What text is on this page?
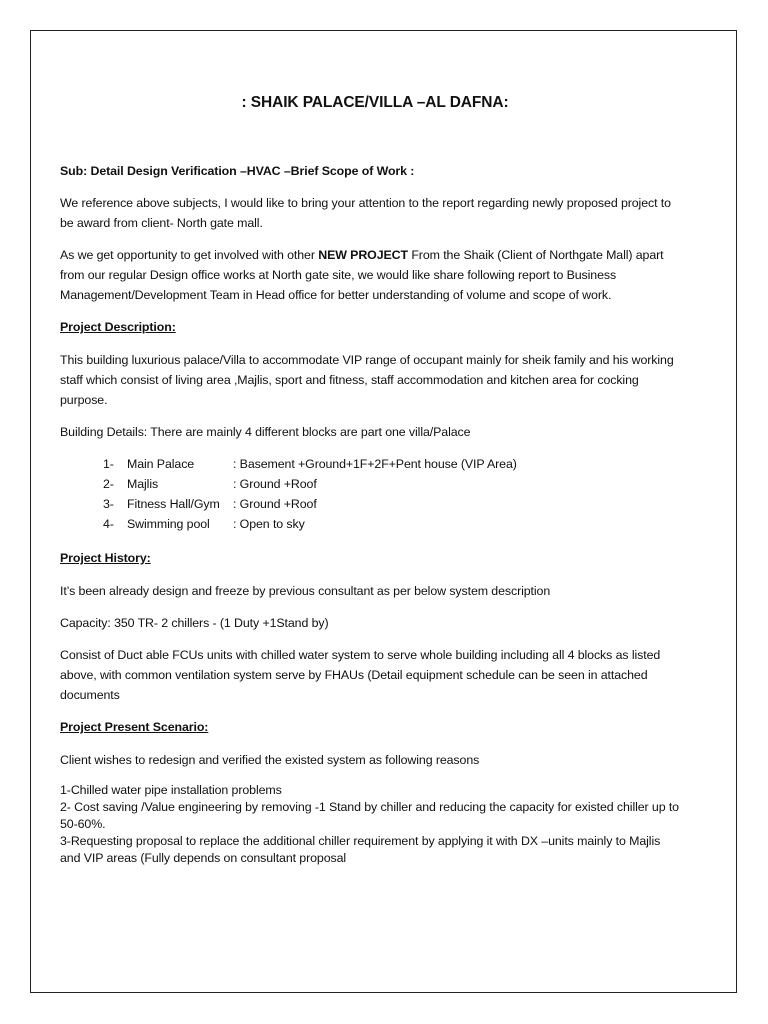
: SHAIK PALACE/VILLA –AL DAFNA:

Sub: Detail Design Verification –HVAC –Brief Scope of Work :

We reference above subjects, I would like to bring your attention to the report regarding newly proposed project to be award from client- North gate mall.

As we get opportunity to get involved with other NEW PROJECT From the Shaik (Client of Northgate Mall) apart from our regular Design office works at North gate site, we would like share following report to Business Management/Development Team in Head office for better understanding of volume and scope of work.

Project Description:

This building luxurious palace/Villa to accommodate VIP range of occupant mainly for sheik family and his working staff which consist of living area ,Majlis, sport and fitness, staff accommodation and kitchen area for cocking purpose.

Building Details: There are mainly 4 different blocks are part one villa/Palace

1-	Main Palace	: Basement +Ground+1F+2F+Pent house (VIP Area)
2-	Majlis	: Ground +Roof
3-	Fitness Hall/Gym	: Ground +Roof
4-	Swimming pool	: Open to sky

Project History:

It’s been already design and freeze by previous consultant as per below system description

Capacity: 350 TR- 2 chillers - (1 Duty +1Stand by)

Consist of Duct able FCUs units with chilled water system to serve whole building including all 4 blocks as listed above, with common ventilation system serve by FHAUs (Detail equipment schedule can be seen in attached documents

Project Present Scenario:

Client wishes to redesign and verified the existed system as following reasons

1-Chilled water pipe installation problems
2- Cost saving /Value engineering by removing -1 Stand by chiller and reducing the capacity for existed chiller up to 50-60%.
3-Requesting proposal to replace the additional chiller requirement by applying it with DX –units mainly to Majlis and VIP areas (Fully depends on consultant proposal
